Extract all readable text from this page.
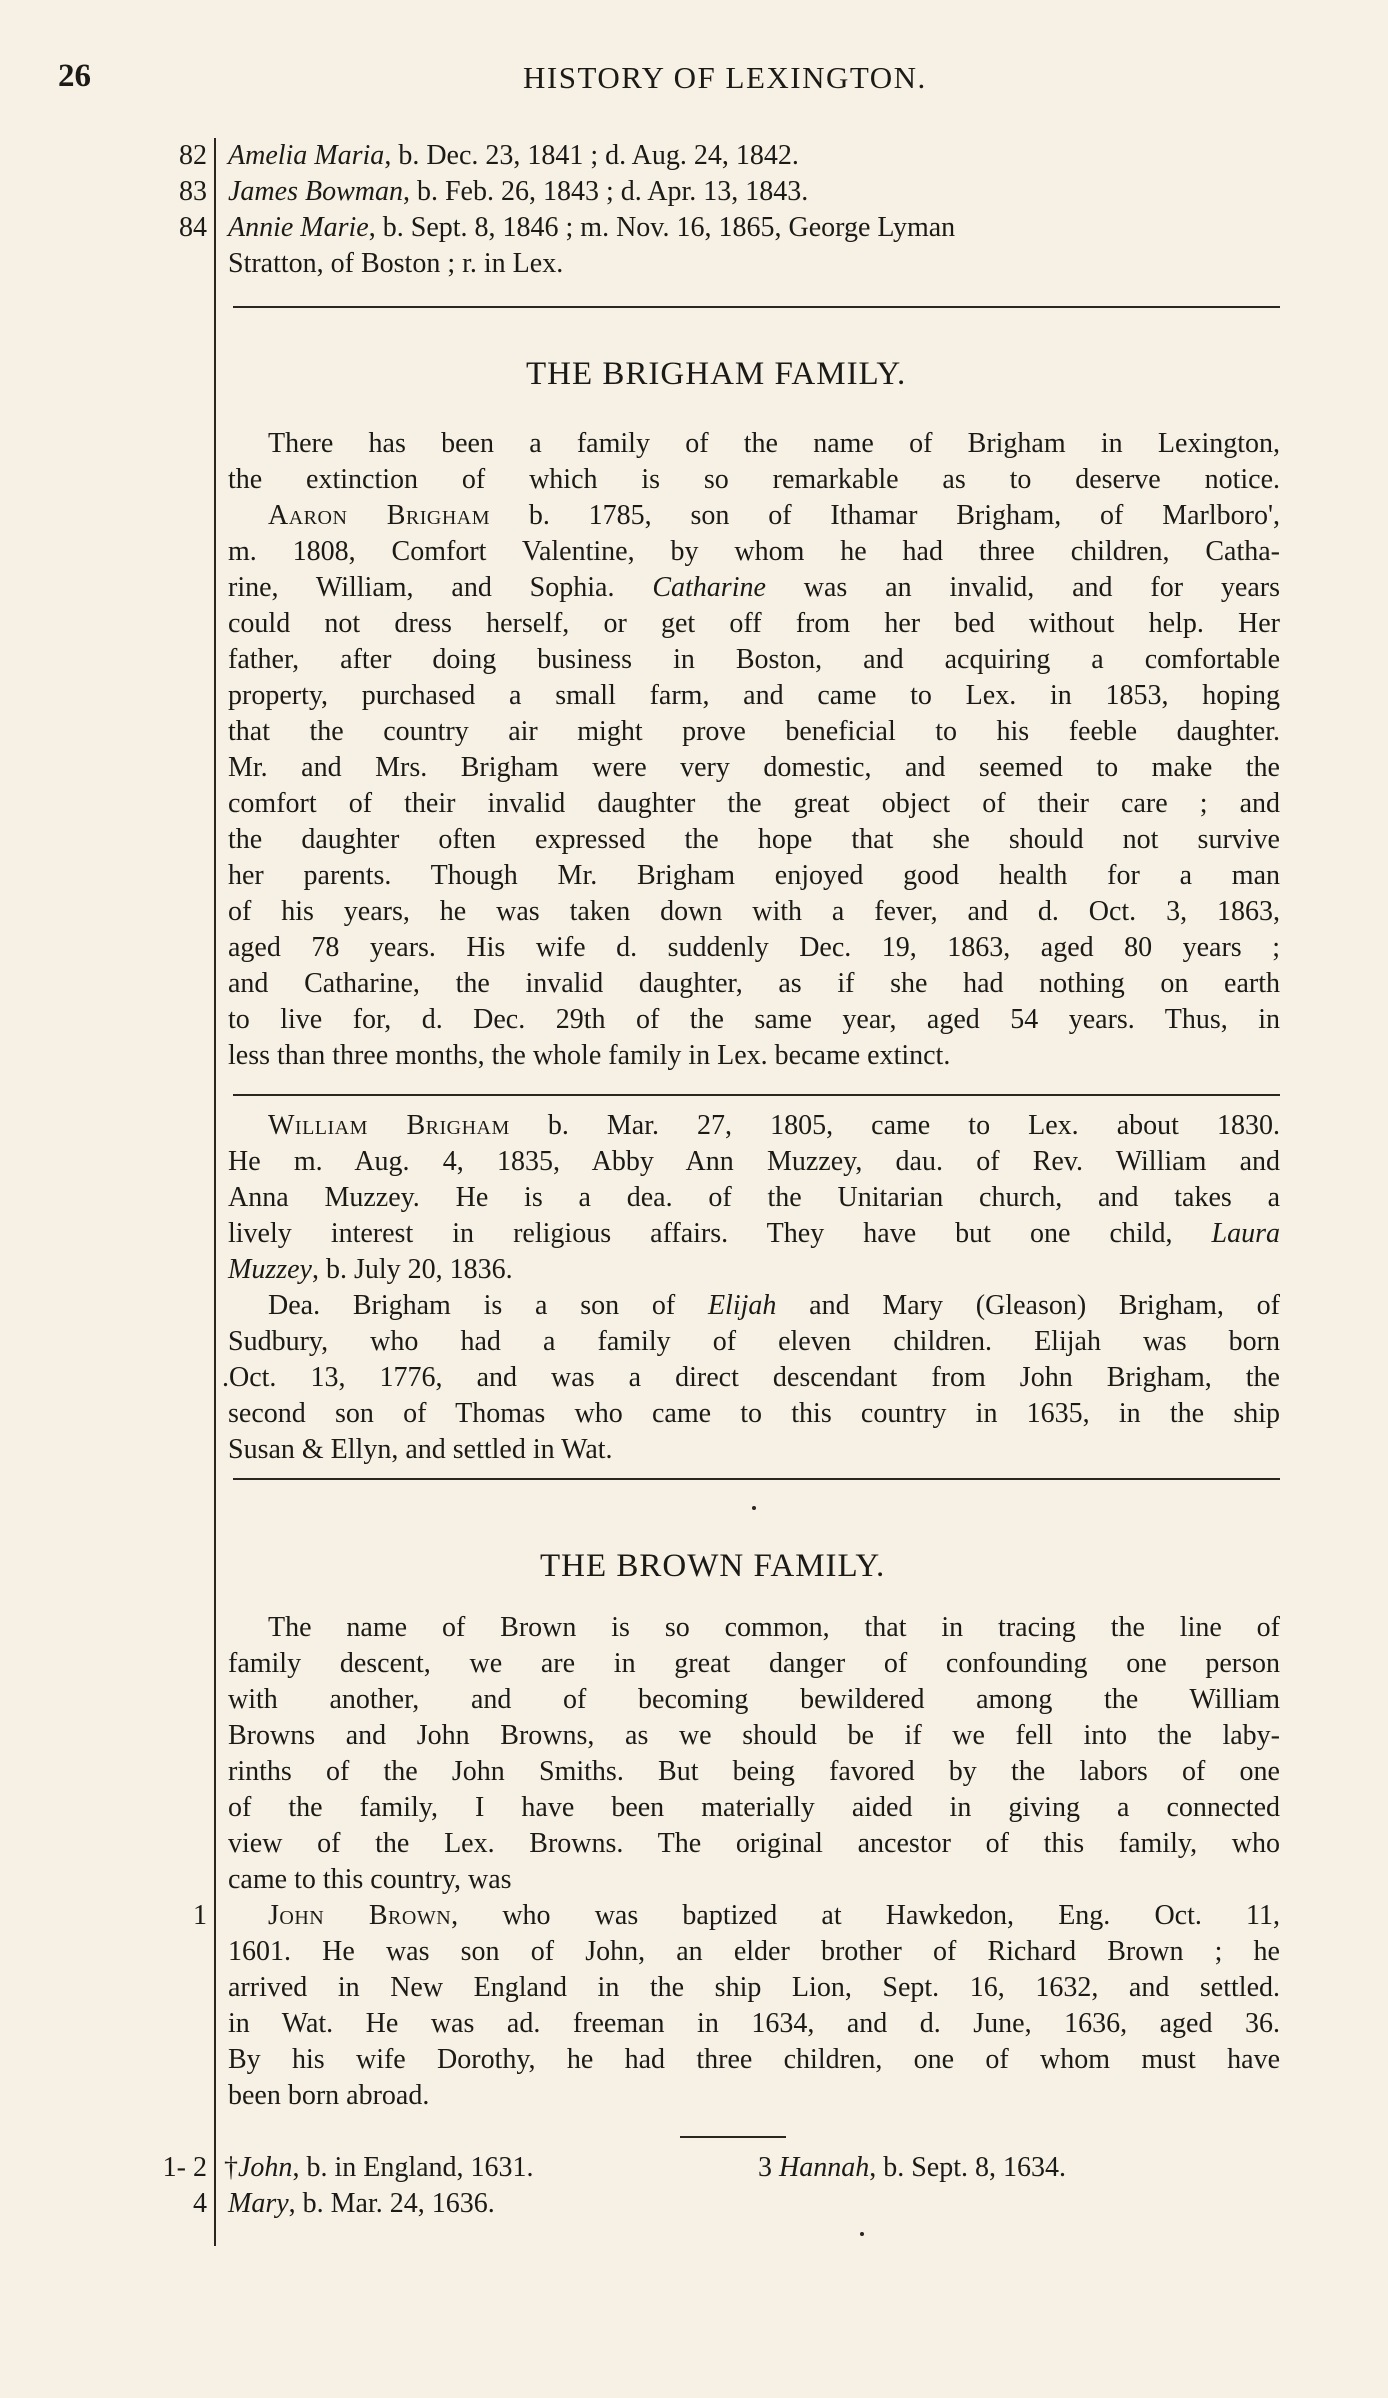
26	HISTORY OF LEXINGTON.
82 Amelia Maria, b. Dec. 23, 1841 ; d. Aug. 24, 1842.
83 James Bowman, b. Feb. 26, 1843 ; d. Apr. 13, 1843.
84 Annie Marie, b. Sept. 8, 1846 ; m. Nov. 16, 1865, George Lyman
Stratton, of Boston ; r. in Lex.
THE BRIGHAM FAMILY.
There has been a family of the name of Brigham in Lexington,
the extinction of which is so remarkable as to deserve notice.
Aaron Brigham b. 1785, son of Ithamar Brigham, of Marlboro',
m. 1808, Comfort Valentine, by whom he had three children, Catha-
rine, William, and Sophia. Catharine was an invalid, and for years
could not dress herself, or get off from her bed without help. Her
father, after doing business in Boston, and acquiring a comfortable
property, purchased a small farm, and came to Lex. in 1853, hoping
that the country air might prove beneficial to his feeble daughter.
Mr. and Mrs. Brigham were very domestic, and seemed to make the
comfort of their invalid daughter the great object of their care ; and
the daughter often expressed the hope that she should not survive
her parents. Though Mr. Brigham enjoyed good health for a man
of his years, he was taken down with a fever, and d. Oct. 3, 1863,
aged 78 years. His wife d. suddenly Dec. 19, 1863, aged 80 years ;
and Catharine, the invalid daughter, as if she had nothing on earth
to live for, d. Dec. 29th of the same year, aged 54 years. Thus, in
less than three months, the whole family in Lex. became extinct.
William Brigham b. Mar. 27, 1805, came to Lex. about 1830.
He m. Aug. 4, 1835, Abby Ann Muzzey, dau. of Rev. William and
Anna Muzzey. He is a dea. of the Unitarian church, and takes a
lively interest in religious affairs. They have but one child, Laura
Muzzey, b. July 20, 1836.
Dea. Brigham is a son of Elijah and Mary (Gleason) Brigham, of
Sudbury, who had a family of eleven children. Elijah was born
.Oct. 13, 1776, and was a direct descendant from John Brigham, the
second son of Thomas who came to this country in 1635, in the ship
Susan & Ellyn, and settled in Wat.
THE BROWN FAMILY.
The name of Brown is so common, that in tracing the line of
family descent, we are in great danger of confounding one person
with another, and of becoming bewildered among the William
Browns and John Browns, as we should be if we fell into the laby-
rinths of the John Smiths. But being favored by the labors of one
of the family, I have been materially aided in giving a connected
view of the Lex. Browns. The original ancestor of this family, who
came to this country, was
1 John Brown, who was baptized at Hawkedon, Eng. Oct. 11,
1601. He was son of John, an elder brother of Richard Brown ; he
arrived in New England in the ship Lion, Sept. 16, 1632, and settled.
in Wat. He was ad. freeman in 1634, and d. June, 1636, aged 36.
By his wife Dorothy, he had three children, one of whom must have
been born abroad.
1- 2 †John, b. in England, 1631.	3 Hannah, b. Sept. 8, 1634.
4 Mary, b. Mar. 24, 1636.
